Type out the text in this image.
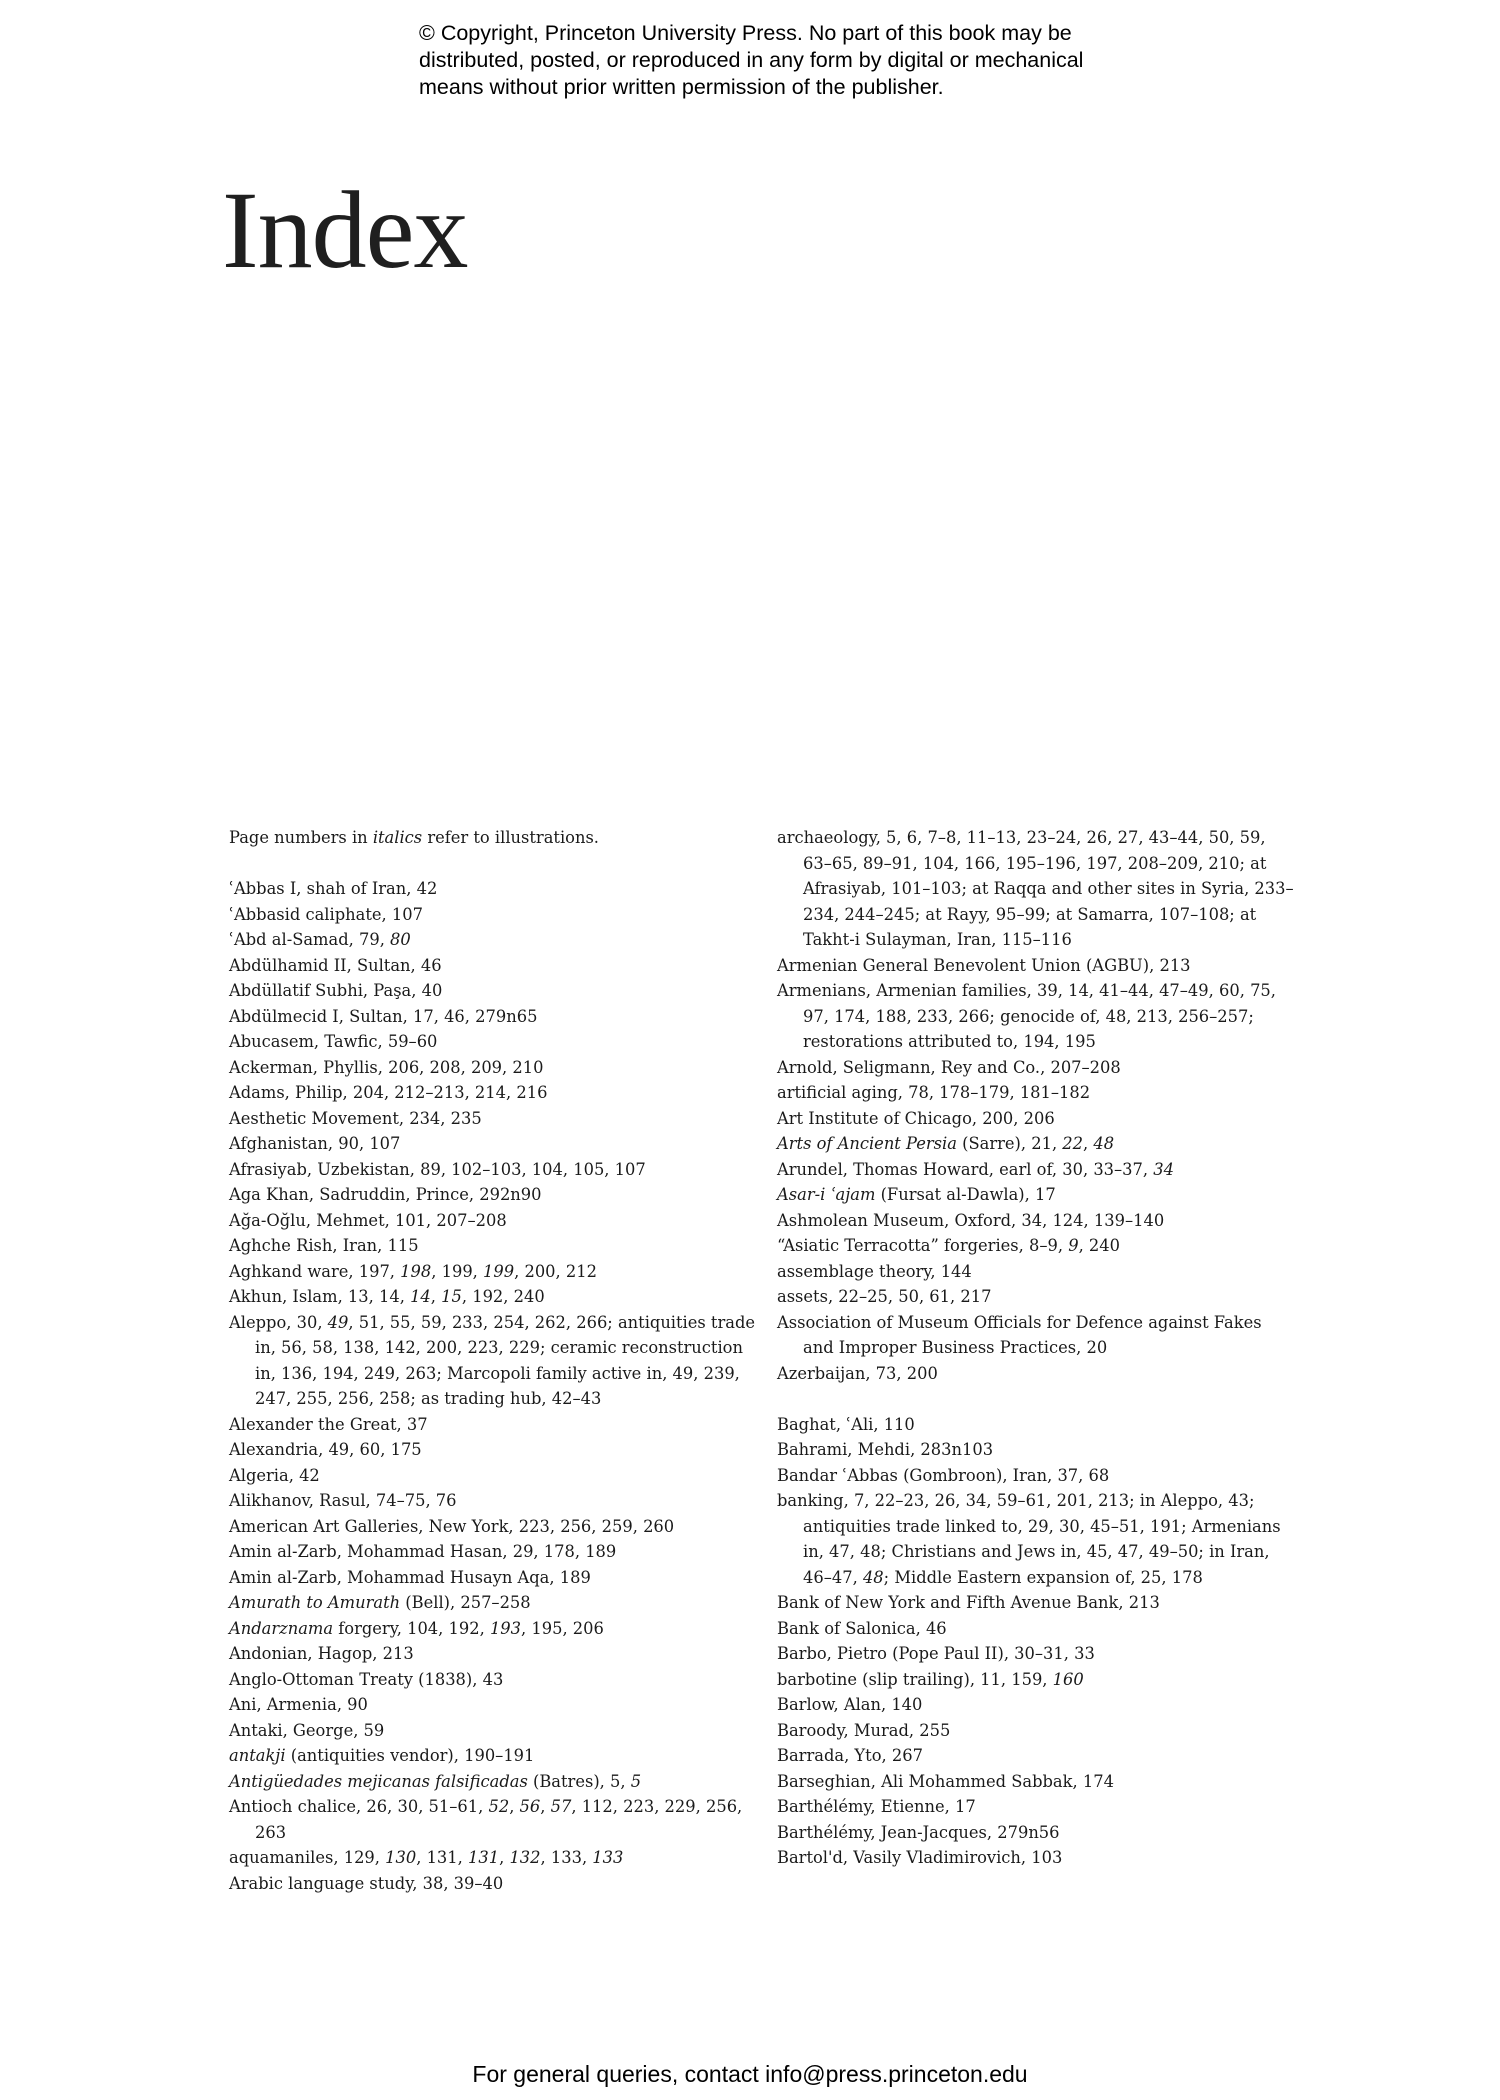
© Copyright, Princeton University Press. No part of this book may be
distributed, posted, or reproduced in any form by digital or mechanical
means without prior written permission of the publisher.
Index
Page numbers in italics refer to illustrations.
ʿAbbas I, shah of Iran, 42
ʿAbbasid caliphate, 107
ʿAbd al-Samad, 79, 80
Abdülhamid II, Sultan, 46
Abdüllatif Subhi, Paşa, 40
Abdülmecid I, Sultan, 17, 46, 279n65
Abucasem, Tawfic, 59–60
Ackerman, Phyllis, 206, 208, 209, 210
Adams, Philip, 204, 212–213, 214, 216
Aesthetic Movement, 234, 235
Afghanistan, 90, 107
Afrasiyab, Uzbekistan, 89, 102–103, 104, 105, 107
Aga Khan, Sadruddin, Prince, 292n90
Ağa-Oğlu, Mehmet, 101, 207–208
Aghche Rish, Iran, 115
Aghkand ware, 197, 198, 199, 199, 200, 212
Akhun, Islam, 13, 14, 14, 15, 192, 240
Aleppo, 30, 49, 51, 55, 59, 233, 254, 262, 266; antiquities trade in, 56, 58, 138, 142, 200, 223, 229; ceramic reconstruction in, 136, 194, 249, 263; Marcopoli family active in, 49, 239, 247, 255, 256, 258; as trading hub, 42–43
Alexander the Great, 37
Alexandria, 49, 60, 175
Algeria, 42
Alikhanov, Rasul, 74–75, 76
American Art Galleries, New York, 223, 256, 259, 260
Amin al-Zarb, Mohammad Hasan, 29, 178, 189
Amin al-Zarb, Mohammad Husayn Aqa, 189
Amurath to Amurath (Bell), 257–258
Andarznama forgery, 104, 192, 193, 195, 206
Andonian, Hagop, 213
Anglo-Ottoman Treaty (1838), 43
Ani, Armenia, 90
Antaki, George, 59
antakji (antiquities vendor), 190–191
Antigüedades mejicanas falsificadas (Batres), 5, 5
Antioch chalice, 26, 30, 51–61, 52, 56, 57, 112, 223, 229, 256, 263
aquamaniles, 129, 130, 131, 131, 132, 133, 133
Arabic language study, 38, 39–40
archaeology, 5, 6, 7–8, 11–13, 23–24, 26, 27, 43–44, 50, 59, 63–65, 89–91, 104, 166, 195–196, 197, 208–209, 210; at Afrasiyab, 101–103; at Raqqa and other sites in Syria, 233–234, 244–245; at Rayy, 95–99; at Samarra, 107–108; at Takht-i Sulayman, Iran, 115–116
Armenian General Benevolent Union (AGBU), 213
Armenians, Armenian families, 39, 14, 41–44, 47–49, 60, 75, 97, 174, 188, 233, 266; genocide of, 48, 213, 256–257; restorations attributed to, 194, 195
Arnold, Seligmann, Rey and Co., 207–208
artificial aging, 78, 178–179, 181–182
Art Institute of Chicago, 200, 206
Arts of Ancient Persia (Sarre), 21, 22, 48
Arundel, Thomas Howard, earl of, 30, 33–37, 34
Asar-i ʿajam (Fursat al-Dawla), 17
Ashmolean Museum, Oxford, 34, 124, 139–140
“Asiatic Terracotta” forgeries, 8–9, 9, 240
assemblage theory, 144
assets, 22–25, 50, 61, 217
Association of Museum Officials for Defence against Fakes and Improper Business Practices, 20
Azerbaijan, 73, 200
Baghat, ʿAli, 110
Bahrami, Mehdi, 283n103
Bandar ʿAbbas (Gombroon), Iran, 37, 68
banking, 7, 22–23, 26, 34, 59–61, 201, 213; in Aleppo, 43; antiquities trade linked to, 29, 30, 45–51, 191; Armenians in, 47, 48; Christians and Jews in, 45, 47, 49–50; in Iran, 46–47, 48; Middle Eastern expansion of, 25, 178
Bank of New York and Fifth Avenue Bank, 213
Bank of Salonica, 46
Barbo, Pietro (Pope Paul II), 30–31, 33
barbotine (slip trailing), 11, 159, 160
Barlow, Alan, 140
Baroody, Murad, 255
Barrada, Yto, 267
Barseghian, Ali Mohammed Sabbak, 174
Barthélémy, Etienne, 17
Barthélémy, Jean-Jacques, 279n56
Bartol'd, Vasily Vladimirovich, 103
For general queries, contact info@press.princeton.edu
